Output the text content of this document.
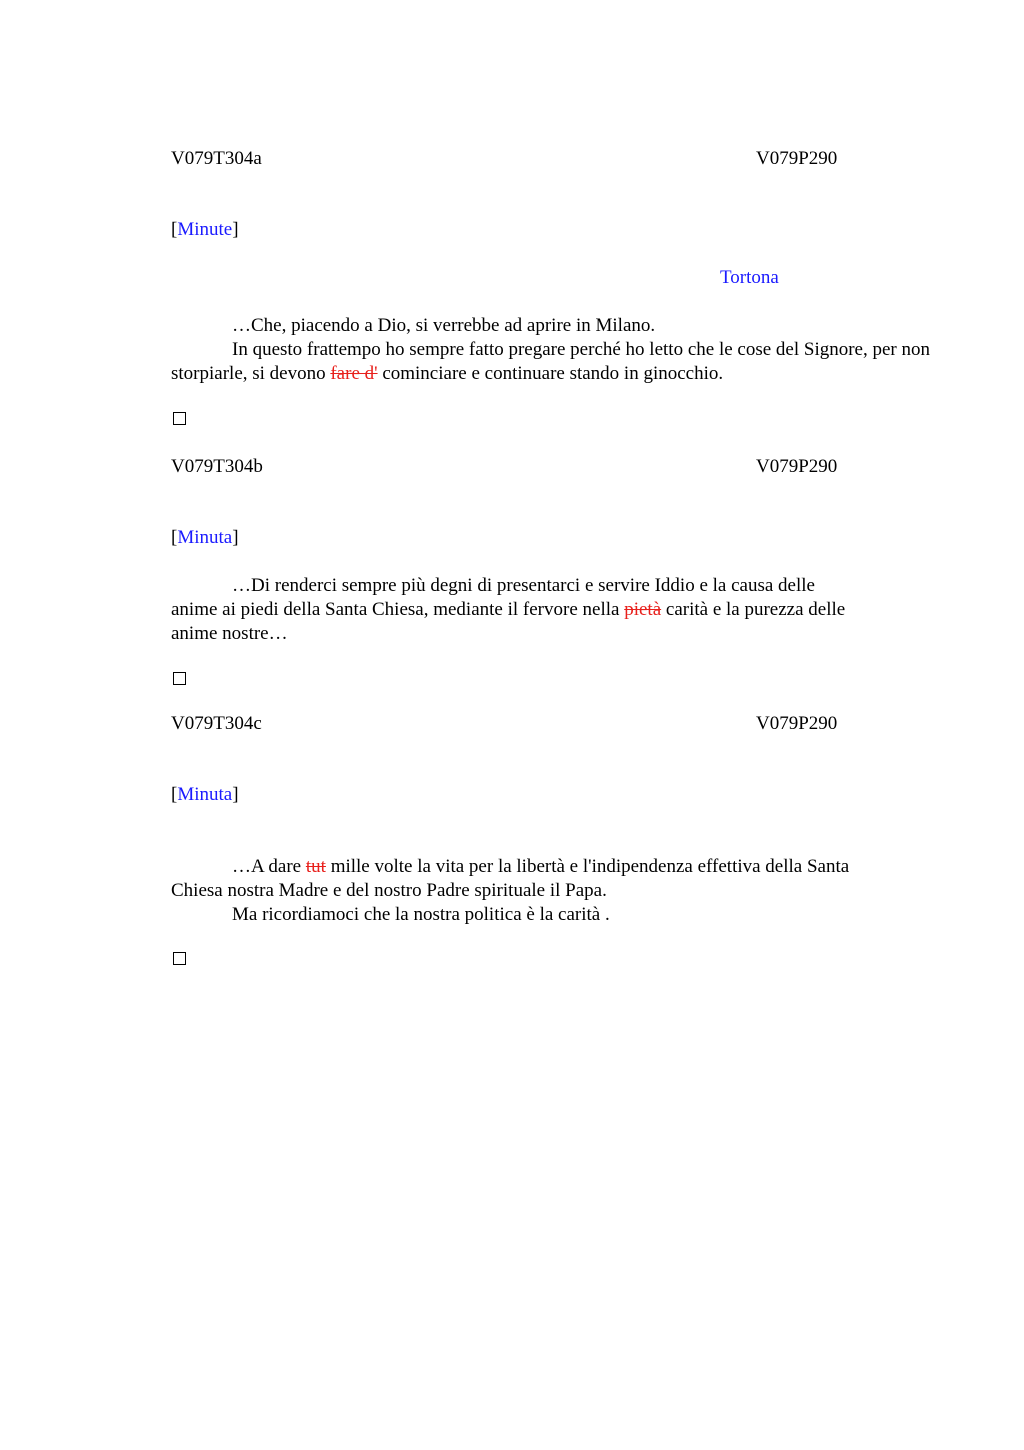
V079T304a	V079P290
[Minute]
Tortona
…Che, piacendo a Dio, si verrebbe ad aprire in Milano.
In questo frattempo ho sempre fatto pregare perché ho letto che le cose del Signore, per non storpiarle, si devono fare d' cominciare e continuare stando in ginocchio.
V079T304b	V079P290
[Minuta]
…Di renderci sempre più degni di presentarci e servire Iddio e la causa delle anime ai piedi della Santa Chiesa, mediante il fervore nella pietà carità e la purezza delle anime nostre…
V079T304c	V079P290
[Minuta]
…A dare tut mille volte la vita per la libertà e l'indipendenza effettiva della Santa Chiesa nostra Madre e del nostro Padre spirituale il Papa.
Ma ricordiamoci che la nostra politica è la carità .
